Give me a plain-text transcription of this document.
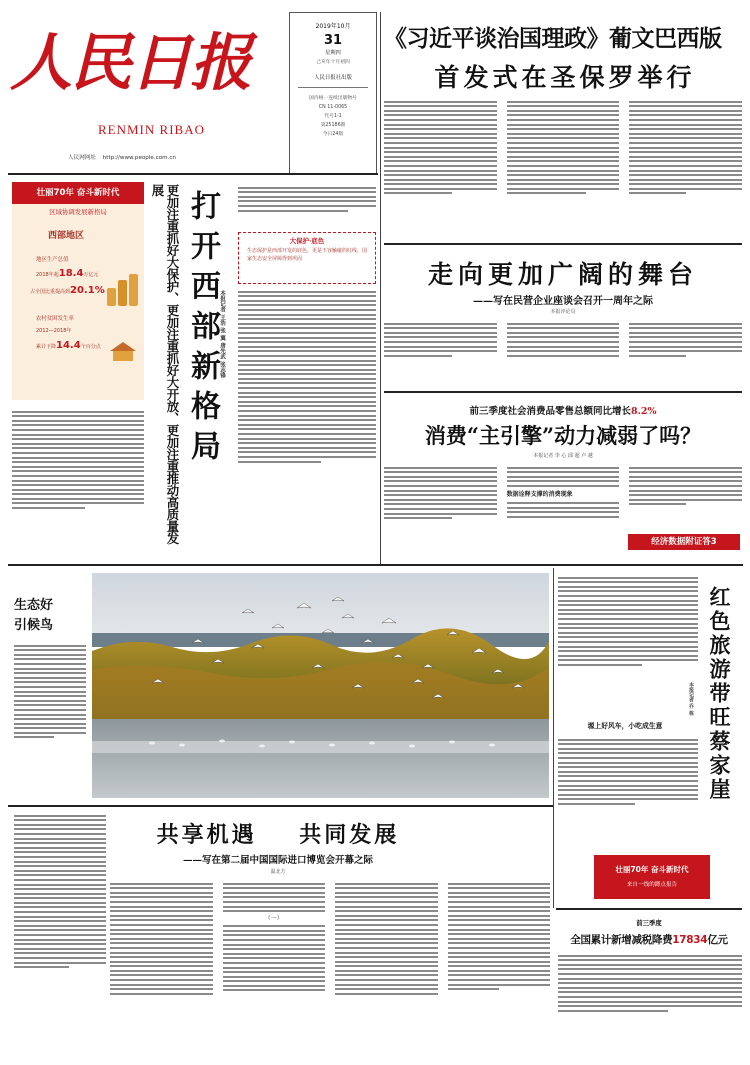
人民日报
RENMIN RIBAO
人民网网址 http://www.people.com.cn
2019年10月
31
星期四
己亥年十月初四
人民日报社出版
国内统一连续出版物号
CN 11-0065
代号1-1
第25186期
今日24版
《习近平谈治国理政》葡文巴西版
首发式在圣保罗举行
壮丽70年 奋斗新时代
区域协调发展新格局
西部地区
地区生产总值
2018年超18.4万亿元
占全国比重提高到20.1%
农村贫困发生率
2012—2018年
累计下降14.4个百分点	更加注重抓好大保护、更加注重抓好大开放、更加注重推动高质量发展 打开西部新格局 本报记者 王浩 张 翼 唐先武 张志锋
大保护·底色
生态保护是西部开发的底色，更是不容触碰的红线，国家生态安全屏障得到巩固
走向更加广阔的舞台
——写在民营企业座谈会召开一周年之际
本报评论员
前三季度社会消费品零售总额同比增长8.2%
消费“主引擎”动力减弱了吗？
本报记者 李 心 邱 超 卢 越
数据诠释支撑的消费现象
经济数据附证答3
生态好
引候鸟	红色旅游带旺蔡家崖
本报记者 乔 栋
塬上好风车，小吃成生意
壮丽70年 奋斗新时代
来自一线的蹲点报告
共享机遇    共同发展
——写在第二届中国国际进口博览会开幕之际
温北方
（一）
前三季度
全国累计新增减税降费17834亿元
